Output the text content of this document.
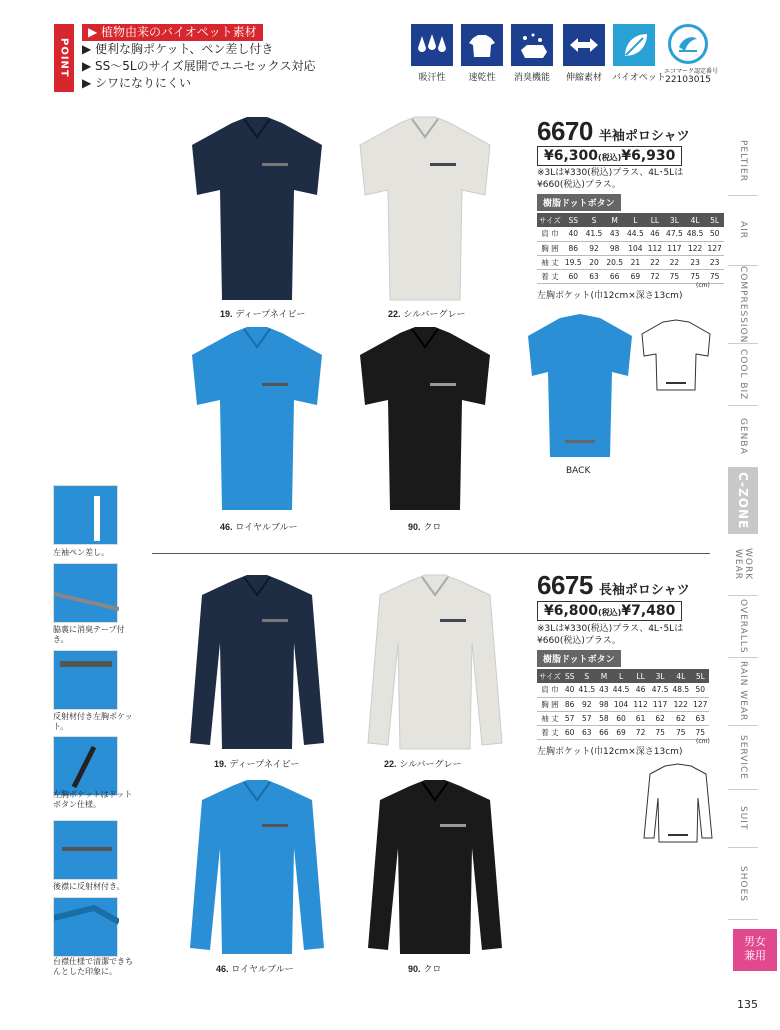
POINT
▶ 植物由来のバイオペット素材
▶ 便利な胸ポケット、ペン差し付き
▶ SS〜5Lのサイズ展開でユニセックス対応
▶ シワになりにくい	吸汗性	速乾性	消臭機能	伸縮素材	バイオペット
エコマーク認定番号
22103015
PELTIER
AIR
COMPRESSION
COOL BIZ
GENBA
C-ZONE
WORK WEAR
OVERALLS
RAIN WEAR
SERVICE
SUIT
SHOES
男女
兼用
135
6670 半袖ポロシャツ
¥6,300(税込)¥6,930
※3Lは¥330(税込)プラス、4L･5Lは¥660(税込)プラス。
樹脂ドットボタン
サイズ	SS	S	M	L	LL	3L	4L	5L
肩 巾	40	41.5	43	44.5	46	47.5	48.5	50
胸 囲	86	92	98	104	112	117	122	127
袖 丈	19.5	20	20.5	21	22	22	23	23
着 丈	60	63	66	69	72	75	75	75
(cm)
左胸ポケット(巾12cm×深さ13cm)
19. ディープネイビー	22. シルバーグレー
46. ロイヤルブルー	90. クロ
BACK
6675 長袖ポロシャツ
¥6,800(税込)¥7,480
※3Lは¥330(税込)プラス、4L･5Lは¥660(税込)プラス。
樹脂ドットボタン
サイズ	SS	S	M	L	LL	3L	4L	5L
肩 巾	40	41.5	43	44.5	46	47.5	48.5	50
胸 囲	86	92	98	104	112	117	122	127
袖 丈	57	57	58	60	61	62	62	63
着 丈	60	63	66	69	72	75	75	75
(cm)
左胸ポケット(巾12cm×深さ13cm)
19. ディープネイビー	22. シルバーグレー
46. ロイヤルブルー	90. クロ
左袖ペン差し。
脇裏に消臭テープ付き。
反射材付き左胸ポケット。
左胸ポケットはドットボタン仕様。
後襟に反射材付き。
台襟仕様で清潔できちんとした印象に。
